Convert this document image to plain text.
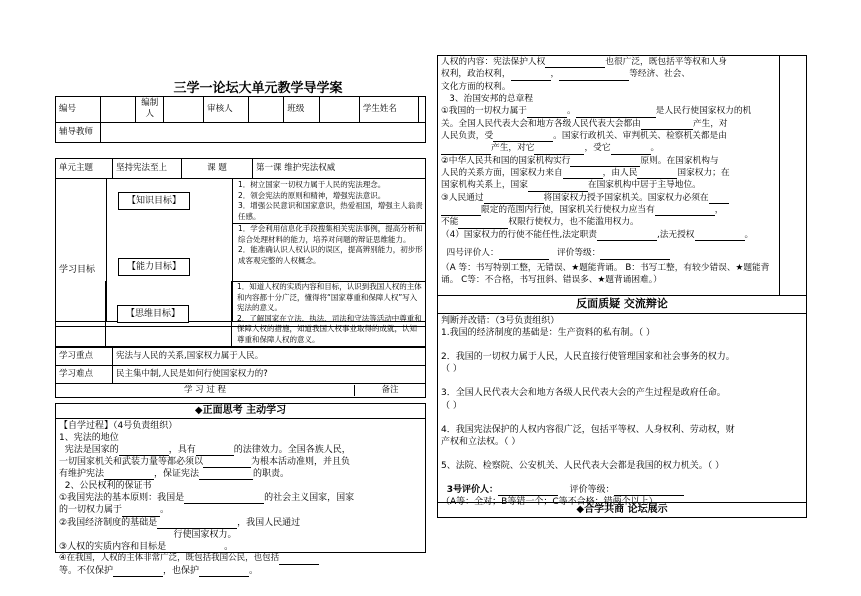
三学一论坛大单元教学导学案
编号		编制人		审核人		班级		学生姓名	
辅导教师									
单元主题	坚持宪法至上	课 题	第一课 维护宪法权威
学习目标
【知识目标】
1．树立国家一切权力属于人民的宪法理念。
2．领会宪法的原则和精神，增强宪法意识。
3．增强公民意识和国家意识，热爱祖国，增强主人翁责任感。
【能力目标】
1．学会利用信息化手段搜集相关宪法事例，提高分析和综合处理材料的能力，培养对问题的辩证思维能力。
2．能准确认识人权认识的误区，提高辨别能力，初步形成客观完整的人权概念。
【思维目标】
1．知道人权的实质内容和目标，认识到我国人权的主体和内容都十分广泛，懂得将“国家尊重和保障人权”写入宪法的意义。
2．了解国家在立法、执法、司法和守法等活动中尊重和保障人权的措施，知道我国人权事业取得的成就，认知尊重和保障人权的意义。
学习重点	宪法与人民的关系,国家权力属于人民。
学习难点	民主集中制,人民是如何行使国家权力的?

学 习 过 程 备注	
◆正面思考 主动学习
【自学过程】（4号负责组织）
1、宪法的地位
宪法是国家的	，具有	的法律效力。全国各族人民，
一切国家机关和武装力量等都必须以	为根本活动准则，并且负
有维护宪法	，保证宪法	的职责。
2、公民权利的保证书
①我国宪法的基本原则：我国是	的社会主义国家，国家
的一切权力属于	。
②我国经济制度的基础是	，我国人民通过
行使国家权力。
③人权的实质内容和目标是	。
④在我国，人权的主体非常广泛，既包括我国公民，也包括
等。不仅保护	，也保护	。
人权的内容：宪法保护人权	也很广泛，既包括平等权和人身
权利，政治权利，	，	等经济、社会、
文化方面的权利。
3、治国安邦的总章程
①我国的一切权力属于	。	是人民行使国家权力的机
关。全国人民代表大会和地方各级人民代表大会都由	产生，对
人民负责，受	。国家行政机关、审判机关、检察机关都是由
产生，对它	，受它	。
②中华人民共和国的国家机构实行	原则。在国家机构与
人民的关系方面，国家权力来自	，由人民	国家权力；在
国家机构关系上，国家	在国家机构中居于主导地位。
③人民通过	将国家权力授予国家机关。国家权力必须在
限定的范围内行使，国家机关行使权力应当有	，
不能	权限行使权力，也不能滥用权力。
（4）国家权力的行使不能任性,法定职责	,法无授权	。
四号评价人：	评价等级：
（A 等：书写特别工整，无错误、★题能背诵。 B：书写工整，有较少错误、★题能背诵。 C等：不合格，书写扭斜、错误多、★题背诵困难。）
反面质疑 交流辩论
判断并改错：（3号负责组织）
1.我国的经济制度的基础是：生产资料的私有制。（ ）
2．我国的一切权力属于人民，人民直接行使管理国家和社会事务的权力。
（ ）
3．全国人民代表大会和地方各级人民代表大会的产生过程是政府任命。
（ ）
4．我国宪法保护的人权内容很广泛，包括平等权、人身权利、劳动权，财
产权和立法权。（ ）
5、法院、检察院、公安机关、人民代表大会都是我国的权力机关。（ ）
3号评价人：	评价等级：
（A等：全对；B等错一个；C等不合格：错两个以上）
◆合学共商 论坛展示
